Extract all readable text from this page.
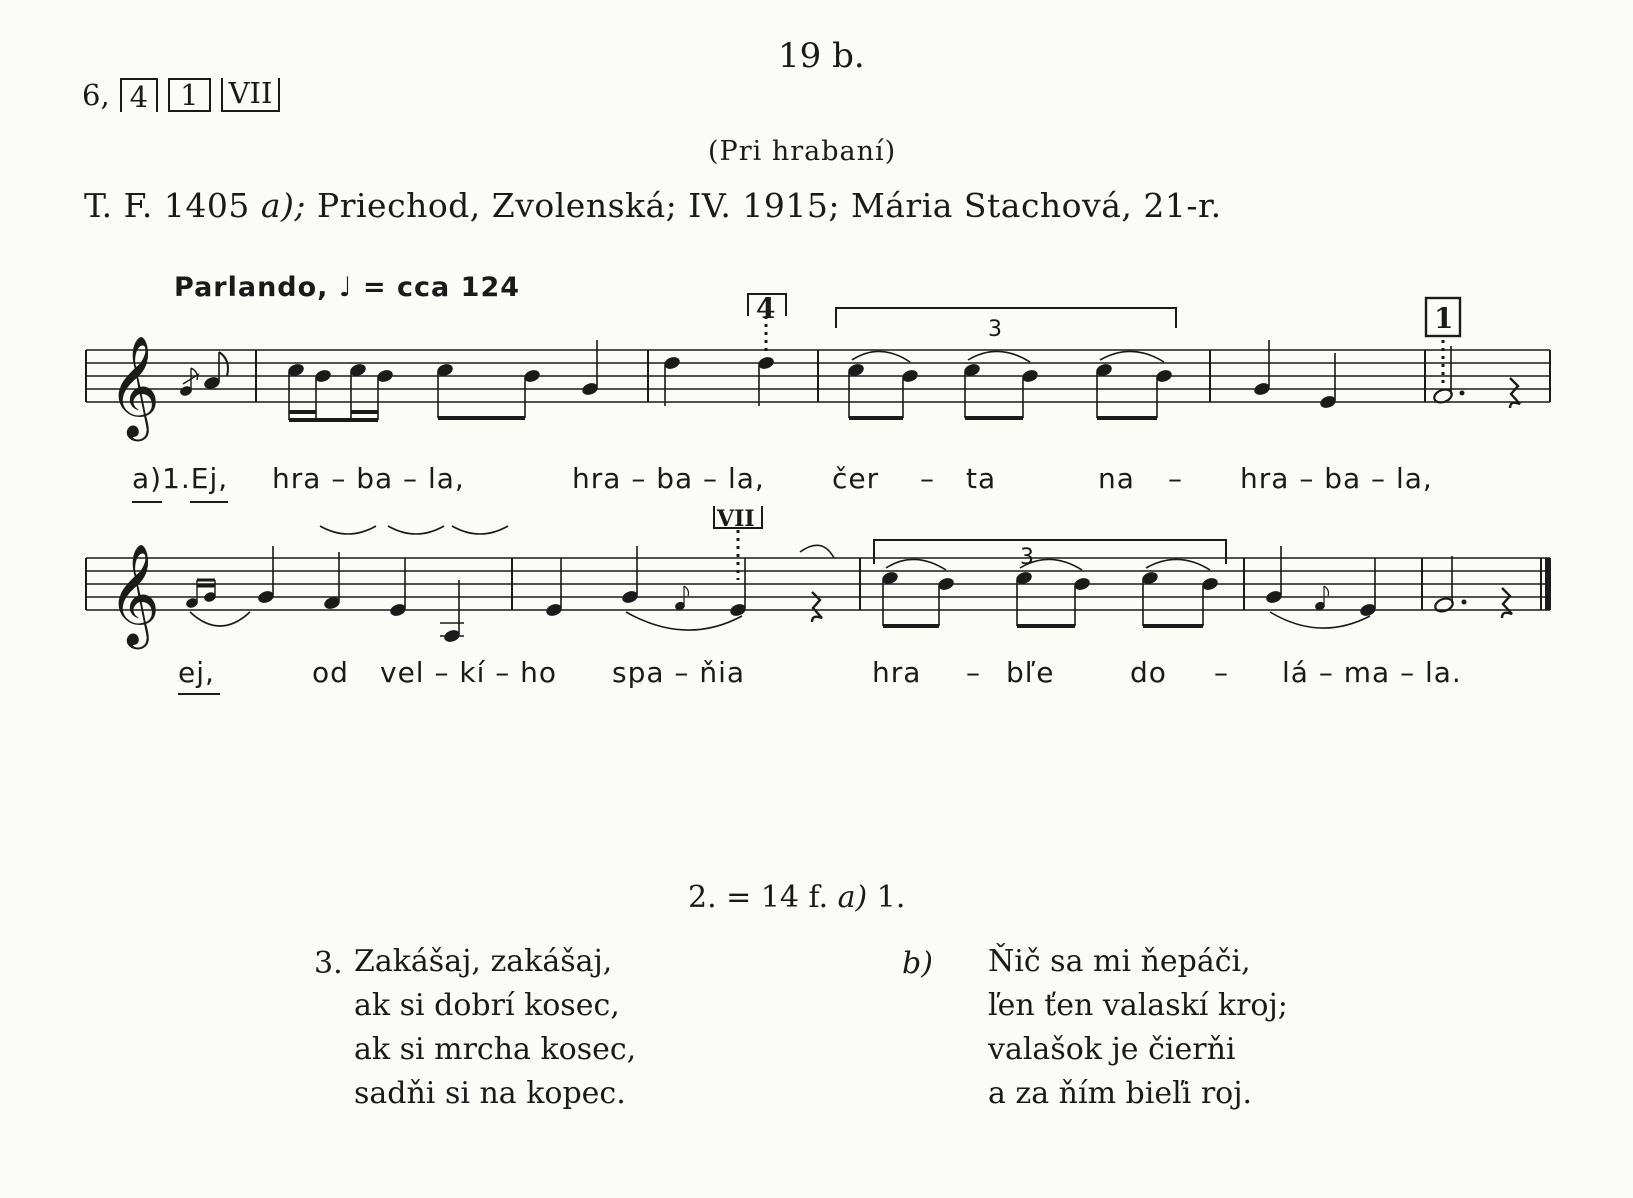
6, 4	1	VII
19 b.
(Pri hrabaní)
T. F. 1405 a); Priechod, Zvolenská; IV. 1915; Mária Stachová, 21-r.
Parlando, ♩ = cca 124
𝄞
4
3	1
𝄞
VII
3
a)1.Ej, hra – ba – la,	hra – ba – la, čer – ta	na – hra – ba – la,
ej,	od vel – kí – ho spa – ňia	hra – bľe	do – lá – ma – la.
2. = 14 f. a) 1.
3. Zakášaj, zakášaj,
ak si dobrí kosec,
ak si mrcha kosec,
sadňi si na kopec.
b) Ňič sa mi ňepáči,
ľen ťen valaskí kroj;
valašok je čierňi
a za ňím bieľi roj.
